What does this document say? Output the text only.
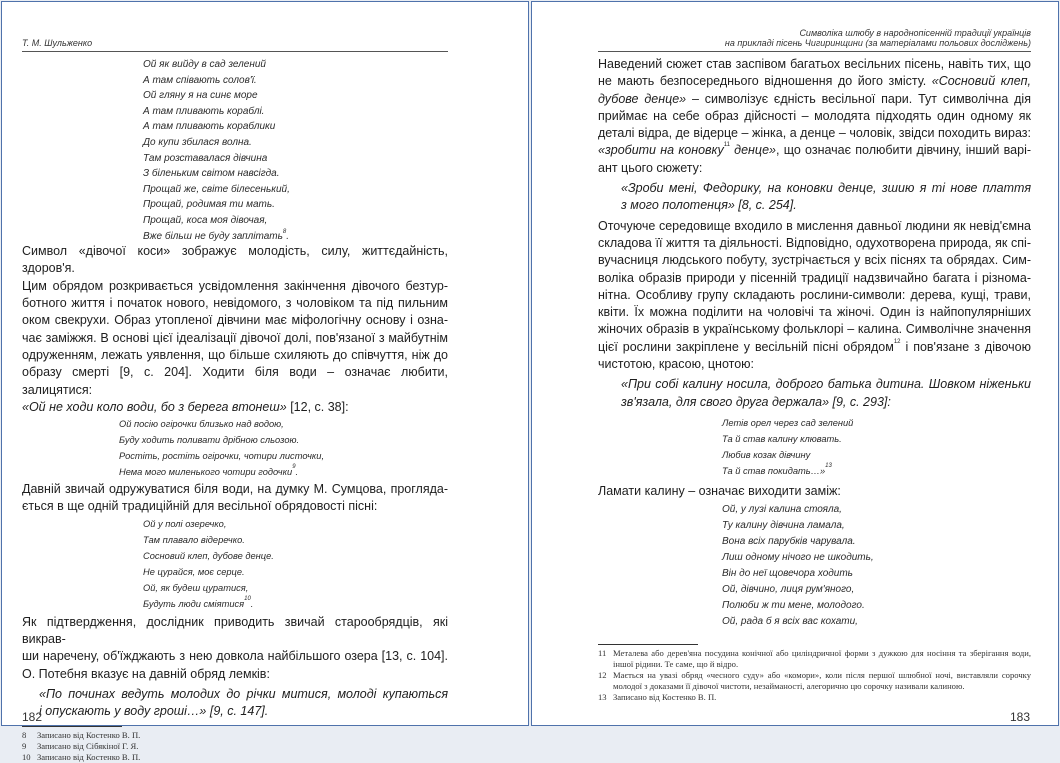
Т. М. Шульженко
Ой як вийду в сад зелений
А там співають солов'ї.
Ой гляну я на синє море
А там пливають кораблі.
А там пливають кораблики
До купи збилася волна.
Там розставалася дівчина
З біленьким світом навсігда.
Прощай же, світе білесенький,
Прощай, родимая ти мать.
Прощай, коса моя дівочая,
Вже більш не буду заплітать$^8$.
Символ «дівочої коси» зображує молодість, силу, життєдайність, здоров'я.
Цим обрядом розкривається усвідомлення закінчення дівочого безтур-
ботного життя і початок нового, невідомого, з чоловіком та під пильним
оком свекрухи. Образ утопленої дівчини має міфологічну основу і озна-
чає заміжжя. В основі цієї ідеалізації дівочої долі, пов'язаної з майбутнім
одруженням, лежать уявлення, що більше схиляють до співчуття, ніж до
образу смерті [9, с. 204]. Ходити біля води – означає любити, залицятися:
«Ой не ходи коло води, бо з берега втонеш» [12, с. 38]:
Ой посію огірочки близько над водою,
Буду ходить поливати дрібною сльозою.
Ростіть, ростіть огірочки, чотири листочки,
Нема мого миленького чотири годочки$^9$.
Давній звичай одружуватися біля води, на думку М. Сумцова, прогляда-
ється в ще одній традиційній для весільної обрядовості пісні:
Ой у полі озеречко,
Там плавало відеречко.
Сосновий клеп, дубове денце.
Не цурайся, моє серце.
Ой, як будеш цуратися,
Будуть люди сміятися$^{10}$.
Як підтвердження, дослідник приводить звичай старообрядців, які викрав-
ши наречену, об'їжджають з нею довкола найбільшого озера [13, с. 104].
О. Потебня вказує на давній обряд лемків:
«По починах ведуть молодих до річки митися, молоді купаються
і опускають у воду гроші…» [9, с. 147].
8	Записано від Костенко В. П.
9	Записано від Сібякіної Г. Я.
10 Записано від Костенко В. П.
182
Символіка шлюбу в народнопісенній традиції українців
на прикладі пісень Чигиринщини (за матеріалами польових досліджень)
Наведений сюжет став заспівом багатьох весільних пісень, навіть тих, що
не мають безпосереднього відношення до його змісту. «Сосновий клеп,
дубове денце» – символізує єдність весільної пари. Тут символічна дія
приймає на себе образ дійсності – молодята підходять один одному як
деталі відра, де відерце – жінка, а денце – чоловік, звідси походить вираз:
«зробити на коновку$^{11}$ денце», що означає полюбити дівчину, інший варі-
ант цього сюжету:
«Зроби мені, Федорику, на коновки денце, зшию я ті нове плаття
з мого полотенця» [8, с. 254].
Оточуюче середовище входило в мислення давньої людини як невід'ємна
складова її життя та діяльності. Відповідно, одухотворена природа, як спі-
вучасниця людського побуту, зустрічається у всіх піснях та обрядах. Сим-
воліка образів природи у пісенній традиції надзвичайно багата і різнома-
нітна. Особливу групу складають рослини-символи: дерева, кущі, трави,
квіти. Їх можна поділити на чоловічі та жіночі. Один із найпопулярніших
жіночих образів в українському фольклорі – калина. Символічне значення
цієї рослини закріплене у весільній пісні обрядом$^{12}$ і пов'язане з дівочою
чистотою, красою, цнотою:
«При собі калину носила, доброго батька дитина. Шовком ніженьки
зв'язала, для свого друга держала» [9, с. 293]:
Летів орел через сад зелений
Та й став калину клювать.
Любив козак дівчину
Та й став покидать…»$^{13}$
Ламати калину – означає виходити заміж:
Ой, у лузі калина стояла,
Ту калину дівчина ламала,
Вона всіх парубків чарувала.
Лиш одному нічого не шкодить,
Він до неї щовечора ходить
Ой, дівчино, лиця рум'яного,
Полюби ж ти мене, молодого.
Ой, рада б я всіх вас кохати,
11 Металева або дерев'яна посудина конічної або циліндричної форми з дужкою для носіння та зберігання води, іншої рідини. Те саме, що й відро.
12 Мається на увазі обряд «чесного суду» або «комори», коли після першої шлюбної ночі, виставляли сорочку молодої з доказами її дівочої чистоти, незайманості, алегорично цю сорочку називали калиною.
13 Записано від Костенко В. П.
183
